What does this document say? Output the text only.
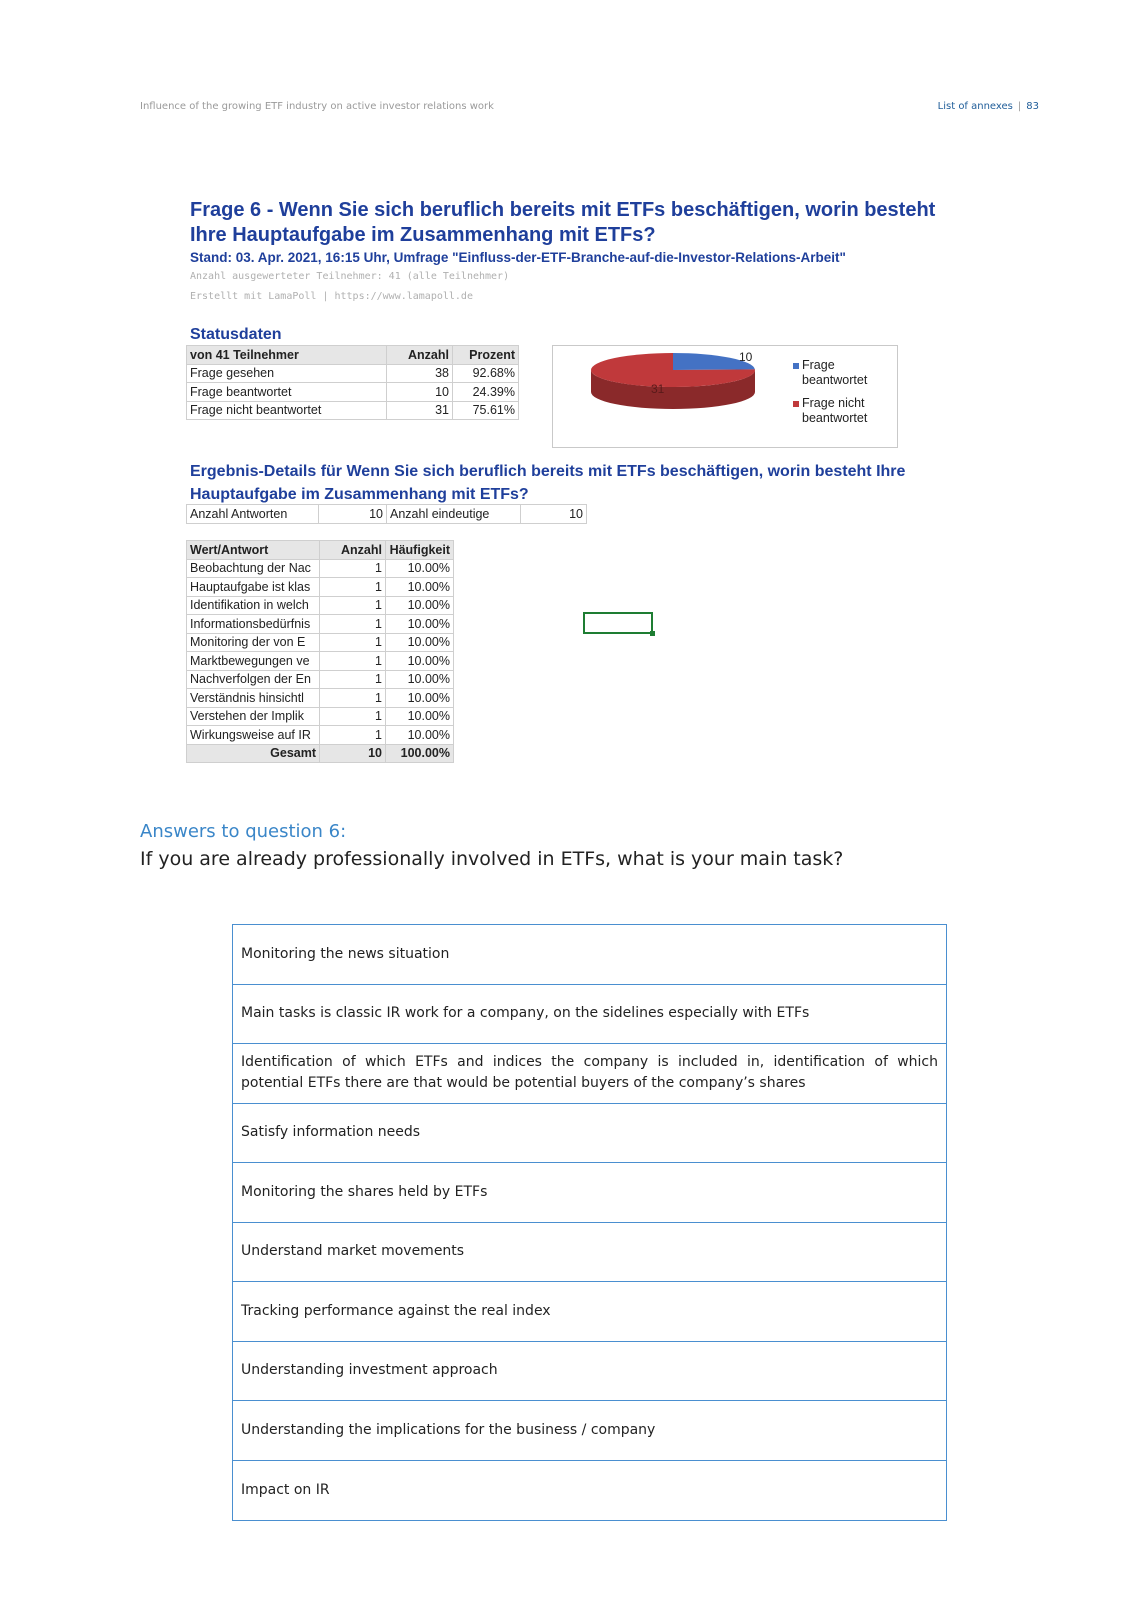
Influence of the growing ETF industry on active investor relations work	List of annexes | 83
Frage 6 - Wenn Sie sich beruflich bereits mit ETFs beschäftigen, worin besteht Ihre Hauptaufgabe im Zusammenhang mit ETFs?
Stand: 03. Apr. 2021, 16:15 Uhr, Umfrage "Einfluss-der-ETF-Branche-auf-die-Investor-Relations-Arbeit"
Anzahl ausgewerteter Teilnehmer: 41 (alle Teilnehmer)
Erstellt mit LamaPoll | https://www.lamapoll.de
Statusdaten
von 41 Teilnehmer	Anzahl	Prozent
Frage gesehen	38	92.68%
Frage beantwortet	10	24.39%
Frage nicht beantwortet	31	75.61%
10
31
Frage beantwortet
Frage nicht beantwortet
Ergebnis-Details für Wenn Sie sich beruflich bereits mit ETFs beschäftigen, worin besteht Ihre Hauptaufgabe im Zusammenhang mit ETFs?
Anzahl Antworten	10	Anzahl eindeutige	10
Wert/Antwort	Anzahl	Häufigkeit
Beobachtung der Nac	1	10.00%
Hauptaufgabe ist klas	1	10.00%
Identifikation in welch	1	10.00%
Informationsbedürfnis	1	10.00%
Monitoring der von E	1	10.00%
Marktbewegungen ve	1	10.00%
Nachverfolgen der En	1	10.00%
Verständnis hinsichtl	1	10.00%
Verstehen der Implik	1	10.00%
Wirkungsweise auf IR	1	10.00%
Gesamt	10	100.00%
Answers to question 6:
If you are already professionally involved in ETFs, what is your main task?
Monitoring the news situation
Main tasks is classic IR work for a company, on the sidelines especially with ETFs
Identification of which ETFs and indices the company is included in, identification of which potential ETFs there are that would be potential buyers of the company’s shares
Satisfy information needs
Monitoring the shares held by ETFs
Understand market movements
Tracking performance against the real index
Understanding investment approach
Understanding the implications for the business / company
Impact on IR
